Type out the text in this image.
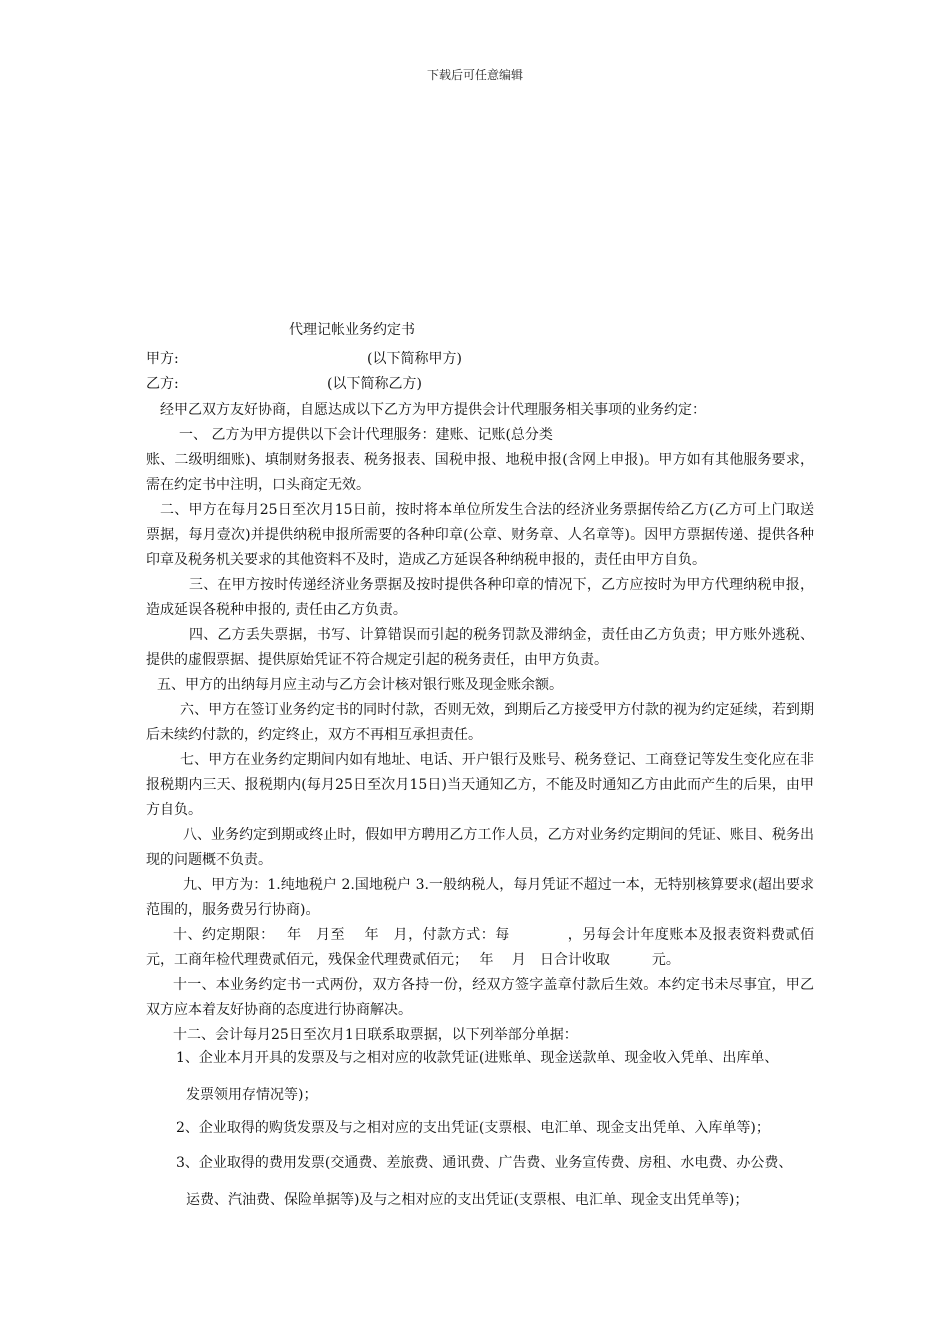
下载后可任意编辑
代理记帐业务约定书
甲方:	(以下简称甲方)
乙方:	(以下简称乙方)
经甲乙双方友好协商，自愿达成以下乙方为甲方提供会计代理服务相关事项的业务约定：
一、 乙方为甲方提供以下会计代理服务：建账、记账(总分类
账、二级明细账)、填制财务报表、税务报表、国税申报、地税申报(含网上申报)。甲方如有其他服务要求，需在约定书中注明，口头商定无效。
二、甲方在每月25日至次月15日前，按时将本单位所发生合法的经济业务票据传给乙方(乙方可上门取送票据，每月壹次)并提供纳税申报所需要的各种印章(公章、财务章、人名章等)。因甲方票据传递、提供各种印章及税务机关要求的其他资料不及时，造成乙方延误各种纳税申报的，责任由甲方自负。
三、在甲方按时传递经济业务票据及按时提供各种印章的情况下，乙方应按时为甲方代理纳税申报，造成延误各税种申报的, 责任由乙方负责。
四、乙方丢失票据，书写、计算错误而引起的税务罚款及滞纳金，责任由乙方负责；甲方账外逃税、提供的虚假票据、提供原始凭证不符合规定引起的税务责任，由甲方负责。
五、甲方的出纳每月应主动与乙方会计核对银行账及现金账余额。
六、甲方在签订业务约定书的同时付款，否则无效，到期后乙方接受甲方付款的视为约定延续，若到期后未续约付款的，约定终止，双方不再相互承担责任。
七、甲方在业务约定期间内如有地址、电话、开户银行及账号、税务登记、工商登记等发生变化应在非报税期内三天、报税期内(每月25日至次月15日)当天通知乙方，不能及时通知乙方由此而产生的后果，由甲方自负。
八、业务约定到期或终止时，假如甲方聘用乙方工作人员，乙方对业务约定期间的凭证、账目、税务出现的问题概不负责。
九、甲方为：1.纯地税户 2.国地税户 3.一般纳税人，每月凭证不超过一本，无特别核算要求(超出要求范围的，服务费另行协商)。
十、约定期限：　 年　月至　 年　月，付款方式：每　　　　，另每会计年度账本及报表资料费贰佰元，工商年检代理费贰佰元，残保金代理费贰佰元；　 年　 月　日合计收取　　　元。
十一、本业务约定书一式两份，双方各持一份，经双方签字盖章付款后生效。本约定书未尽事宜，甲乙双方应本着友好协商的态度进行协商解决。
十二、会计每月25日至次月1日联系取票据，以下列举部分单据：
1、企业本月开具的发票及与之相对应的收款凭证(进账单、现金送款单、现金收入凭单、出库单、
发票领用存情况等)；
2、企业取得的购货发票及与之相对应的支出凭证(支票根、电汇单、现金支出凭单、入库单等)；
3、企业取得的费用发票(交通费、差旅费、通讯费、广告费、业务宣传费、房租、水电费、办公费、
运费、汽油费、保险单据等)及与之相对应的支出凭证(支票根、电汇单、现金支出凭单等)；
